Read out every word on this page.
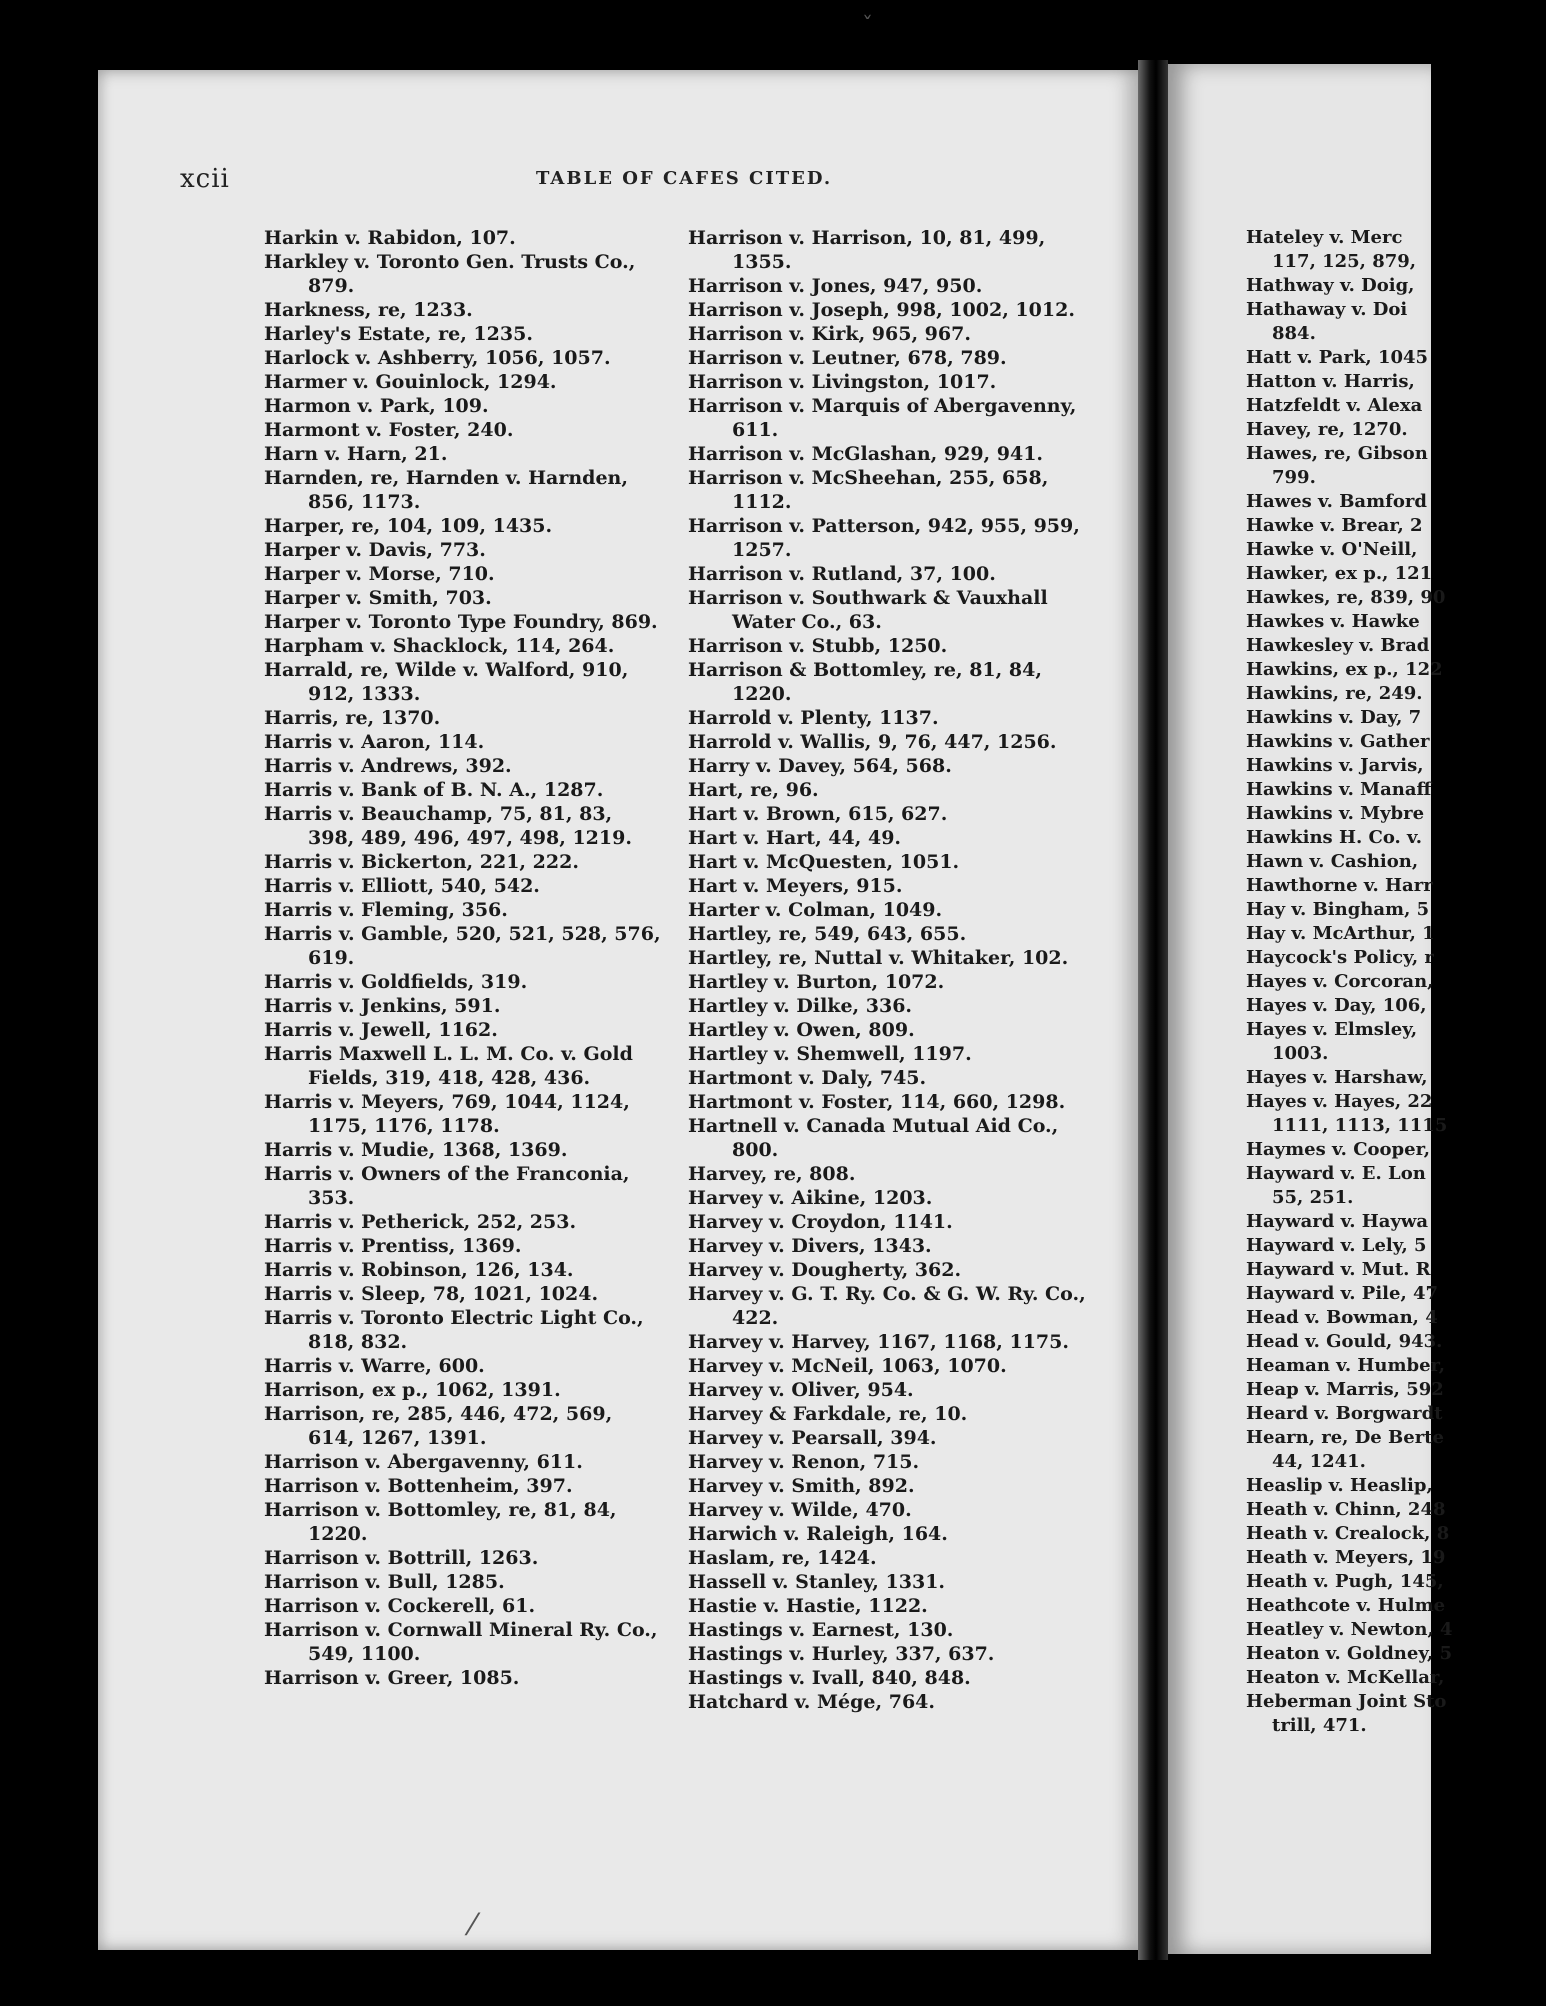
xcii	TABLE OF CAFES CITED.

Harkin v. Rabidon, 107.

Harkley v. Toronto Gen. Trusts Co., 879.

Harkness, re, 1233.

Harley's Estate, re, 1235.

Harlock v. Ashberry, 1056, 1057.

Harmer v. Gouinlock, 1294.

Harmon v. Park, 109.

Harmont v. Foster, 240.

Harn v. Harn, 21.

Harnden, re, Harnden v. Harnden, 856, 1173.

Harper, re, 104, 109, 1435.

Harper v. Davis, 773.

Harper v. Morse, 710.

Harper v. Smith, 703.

Harper v. Toronto Type Foundry, 869.

Harpham v. Shacklock, 114, 264.

Harrald, re, Wilde v. Walford, 910, 912, 1333.

Harris, re, 1370.

Harris v. Aaron, 114.

Harris v. Andrews, 392.

Harris v. Bank of B. N. A., 1287.

Harris v. Beauchamp, 75, 81, 83, 398, 489, 496, 497, 498, 1219.

Harris v. Bickerton, 221, 222.

Harris v. Elliott, 540, 542.

Harris v. Fleming, 356.

Harris v. Gamble, 520, 521, 528, 576, 619.

Harris v. Goldfields, 319.

Harris v. Jenkins, 591.

Harris v. Jewell, 1162.

Harris Maxwell L. L. M. Co. v. Gold Fields, 319, 418, 428, 436.

Harris v. Meyers, 769, 1044, 1124, 1175, 1176, 1178.

Harris v. Mudie, 1368, 1369.

Harris v. Owners of the Franconia, 353.

Harris v. Petherick, 252, 253.

Harris v. Prentiss, 1369.

Harris v. Robinson, 126, 134.

Harris v. Sleep, 78, 1021, 1024.

Harris v. Toronto Electric Light Co., 818, 832.

Harris v. Warre, 600.

Harrison, ex p., 1062, 1391.

Harrison, re, 285, 446, 472, 569, 614, 1267, 1391.

Harrison v. Abergavenny, 611.

Harrison v. Bottenheim, 397.

Harrison v. Bottomley, re, 81, 84, 1220.

Harrison v. Bottrill, 1263.

Harrison v. Bull, 1285.

Harrison v. Cockerell, 61.

Harrison v. Cornwall Mineral Ry. Co., 549, 1100.

Harrison v. Greer, 1085.

Harrison v. Harrison, 10, 81, 499, 1355.

Harrison v. Jones, 947, 950.

Harrison v. Joseph, 998, 1002, 1012.

Harrison v. Kirk, 965, 967.

Harrison v. Leutner, 678, 789.

Harrison v. Livingston, 1017.

Harrison v. Marquis of Abergavenny, 611.

Harrison v. McGlashan, 929, 941.

Harrison v. McSheehan, 255, 658, 1112.

Harrison v. Patterson, 942, 955, 959, 1257.

Harrison v. Rutland, 37, 100.

Harrison v. Southwark & Vauxhall Water Co., 63.

Harrison v. Stubb, 1250.

Harrison & Bottomley, re, 81, 84, 1220.

Harrold v. Plenty, 1137.

Harrold v. Wallis, 9, 76, 447, 1256.

Harry v. Davey, 564, 568.

Hart, re, 96.

Hart v. Brown, 615, 627.

Hart v. Hart, 44, 49.

Hart v. McQuesten, 1051.

Hart v. Meyers, 915.

Harter v. Colman, 1049.

Hartley, re, 549, 643, 655.

Hartley, re, Nuttal v. Whitaker, 102.

Hartley v. Burton, 1072.

Hartley v. Dilke, 336.

Hartley v. Owen, 809.

Hartley v. Shemwell, 1197.

Hartmont v. Daly, 745.

Hartmont v. Foster, 114, 660, 1298.

Hartnell v. Canada Mutual Aid Co., 800.

Harvey, re, 808.

Harvey v. Aikine, 1203.

Harvey v. Croydon, 1141.

Harvey v. Divers, 1343.

Harvey v. Dougherty, 362.

Harvey v. G. T. Ry. Co. & G. W. Ry. Co., 422.

Harvey v. Harvey, 1167, 1168, 1175.

Harvey v. McNeil, 1063, 1070.

Harvey v. Oliver, 954.

Harvey & Farkdale, re, 10.

Harvey v. Pearsall, 394.

Harvey v. Renon, 715.

Harvey v. Smith, 892.

Harvey v. Wilde, 470.

Harwich v. Raleigh, 164.

Haslam, re, 1424.

Hassell v. Stanley, 1331.

Hastie v. Hastie, 1122.

Hastings v. Earnest, 130.

Hastings v. Hurley, 337, 637.

Hastings v. Ivall, 840, 848.

Hatchard v. Mége, 764.

Hateley v. Merc

117, 125, 879,

Hathway v. Doig,

Hathaway v. Doi

884.

Hatt v. Park, 1045

Hatton v. Harris,

Hatzfeldt v. Alexa

Havey, re, 1270.

Hawes, re, Gibson

799.

Hawes v. Bamford

Hawke v. Brear, 2

Hawke v. O'Neill,

Hawker, ex p., 121

Hawkes, re, 839, 90

Hawkes v. Hawke

Hawkesley v. Brad

Hawkins, ex p., 122

Hawkins, re, 249.

Hawkins v. Day, 7

Hawkins v. Gather

Hawkins v. Jarvis,

Hawkins v. Manaff

Hawkins v. Mybre

Hawkins H. Co. v.

Hawn v. Cashion,

Hawthorne v. Harr

Hay v. Bingham, 5

Hay v. McArthur, 1

Haycock's Policy, r

Hayes v. Corcoran,

Hayes v. Day, 106,

Hayes v. Elmsley,

1003.

Hayes v. Harshaw,

Hayes v. Hayes, 22

1111, 1113, 1115

Haymes v. Cooper,

Hayward v. E. Lon

55, 251.

Hayward v. Haywa

Hayward v. Lely, 5

Hayward v. Mut. R

Hayward v. Pile, 47

Head v. Bowman, 4

Head v. Gould, 943.

Heaman v. Humber,

Heap v. Marris, 592

Heard v. Borgwardt

Hearn, re, De Berte

44, 1241.

Heaslip v. Heaslip,

Heath v. Chinn, 248

Heath v. Crealock, 8

Heath v. Meyers, 19

Heath v. Pugh, 145,

Heathcote v. Hulme

Heatley v. Newton, 4

Heaton v. Goldney, 5

Heaton v. McKellar,

Heberman Joint Sto

trill, 471.

ˇ
⁄
